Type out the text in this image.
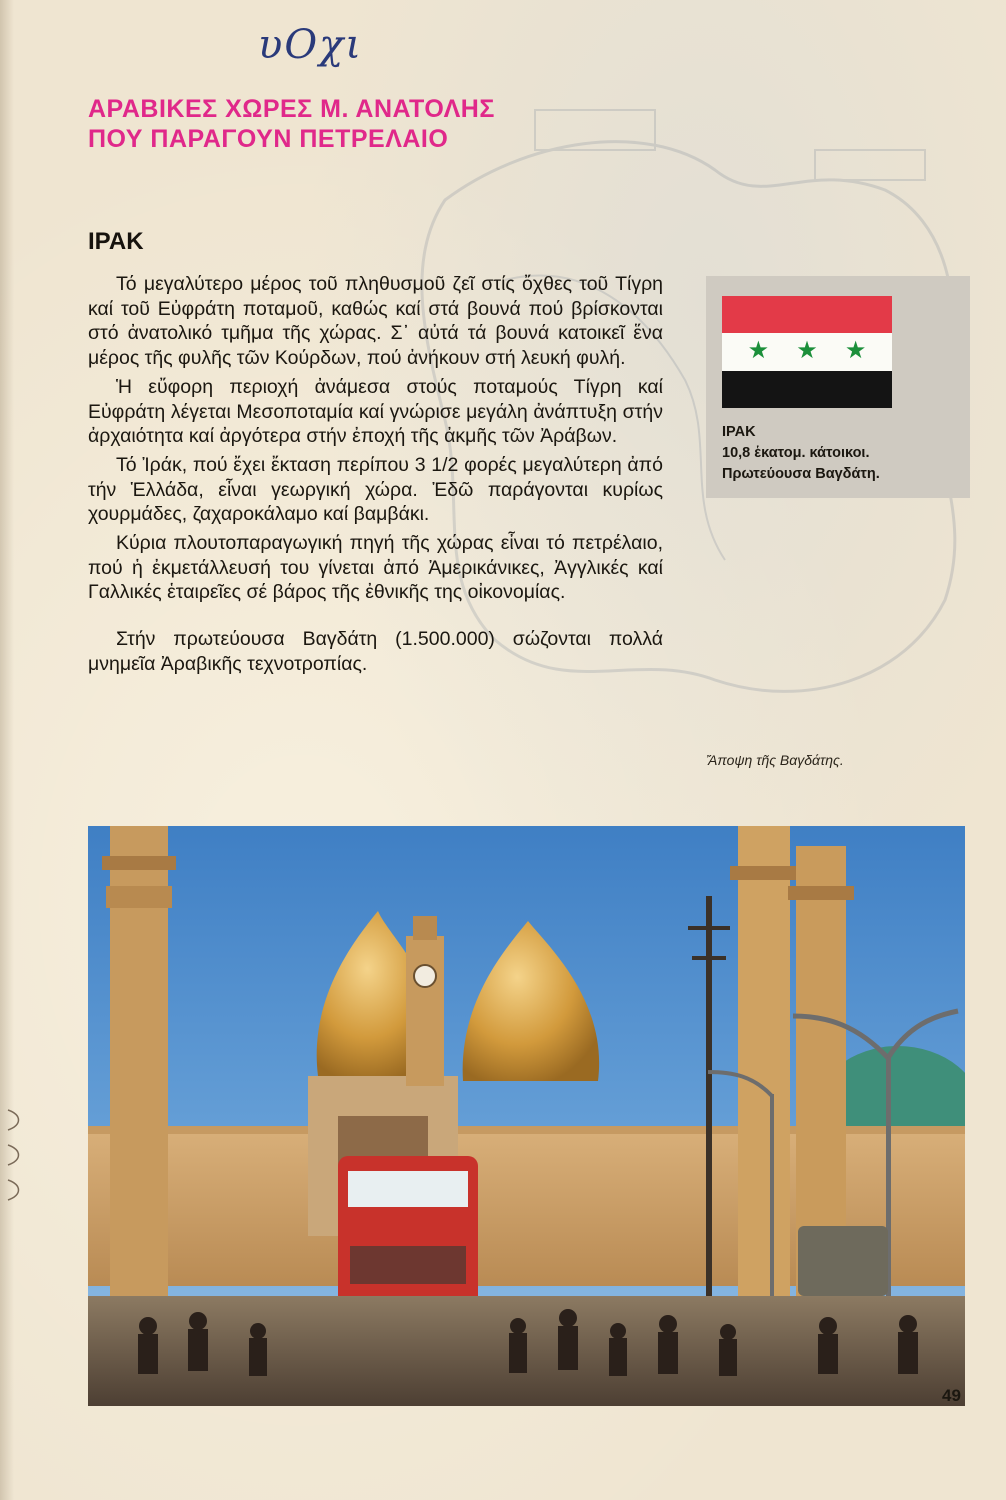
υOχι
ΑΡΑΒΙΚΕΣ ΧΩΡΕΣ Μ. ΑΝΑΤΟΛΗΣ
ΠΟΥ ΠΑΡΑΓΟΥΝ ΠΕΤΡΕΛΑΙΟ
ΙΡΑΚ

Τό μεγαλύτερο μέρος τοῦ πληθυσμοῦ ζεῖ στίς ὄχθες τοῦ Τίγρη καί τοῦ Εὐφράτη ποταμοῦ, καθώς καί στά βουνά πού βρίσκονται στό ἀνατολικό τμῆμα τῆς χώρας. Σ᾽ αὐτά τά βουνά κατοικεῖ ἕνα μέρος τῆς φυλῆς τῶν Κούρδων, πού ἀνήκουν στή λευκή φυλή.

Ἡ εὔφορη περιοχή ἀνάμεσα στούς ποταμούς Τίγρη καί Εὐφράτη λέγεται Μεσοποταμία καί γνώρισε μεγάλη ἀνάπτυξη στήν ἀρχαιότητα καί ἀργότερα στήν ἐποχή τῆς ἀκμῆς τῶν Ἀράβων.

Τό Ἰράκ, πού ἔχει ἔκταση περίπου 3 1/2 φορές μεγαλύτερη ἀπό τήν Ἑλλάδα, εἶναι γεωργική χώρα. Ἐδῶ παράγονται κυρίως χουρμάδες, ζαχαροκάλαμο καί βαμβάκι.

Κύρια πλουτοπαραγωγική πηγή τῆς χώρας εἶναι τό πετρέλαιο, πού ἡ ἐκμετάλλευσή του γίνεται ἀπό Ἀμερικάνικες, Ἀγγλικές καί Γαλλικές ἑταιρεῖες σέ βάρος τῆς ἐθνικῆς της οἰκονομίας.

Στήν πρωτεύουσα Βαγδάτη (1.500.000) σώζονται πολλά μνημεῖα Ἀραβικῆς τεχνοτροπίας.

★ ★ ★
ΙΡΑΚ
10,8 ἑκατομ. κάτοικοι.
Πρωτεύουσα Βαγδάτη.
Ἄποψη τῆς Βαγδάτης.
49
